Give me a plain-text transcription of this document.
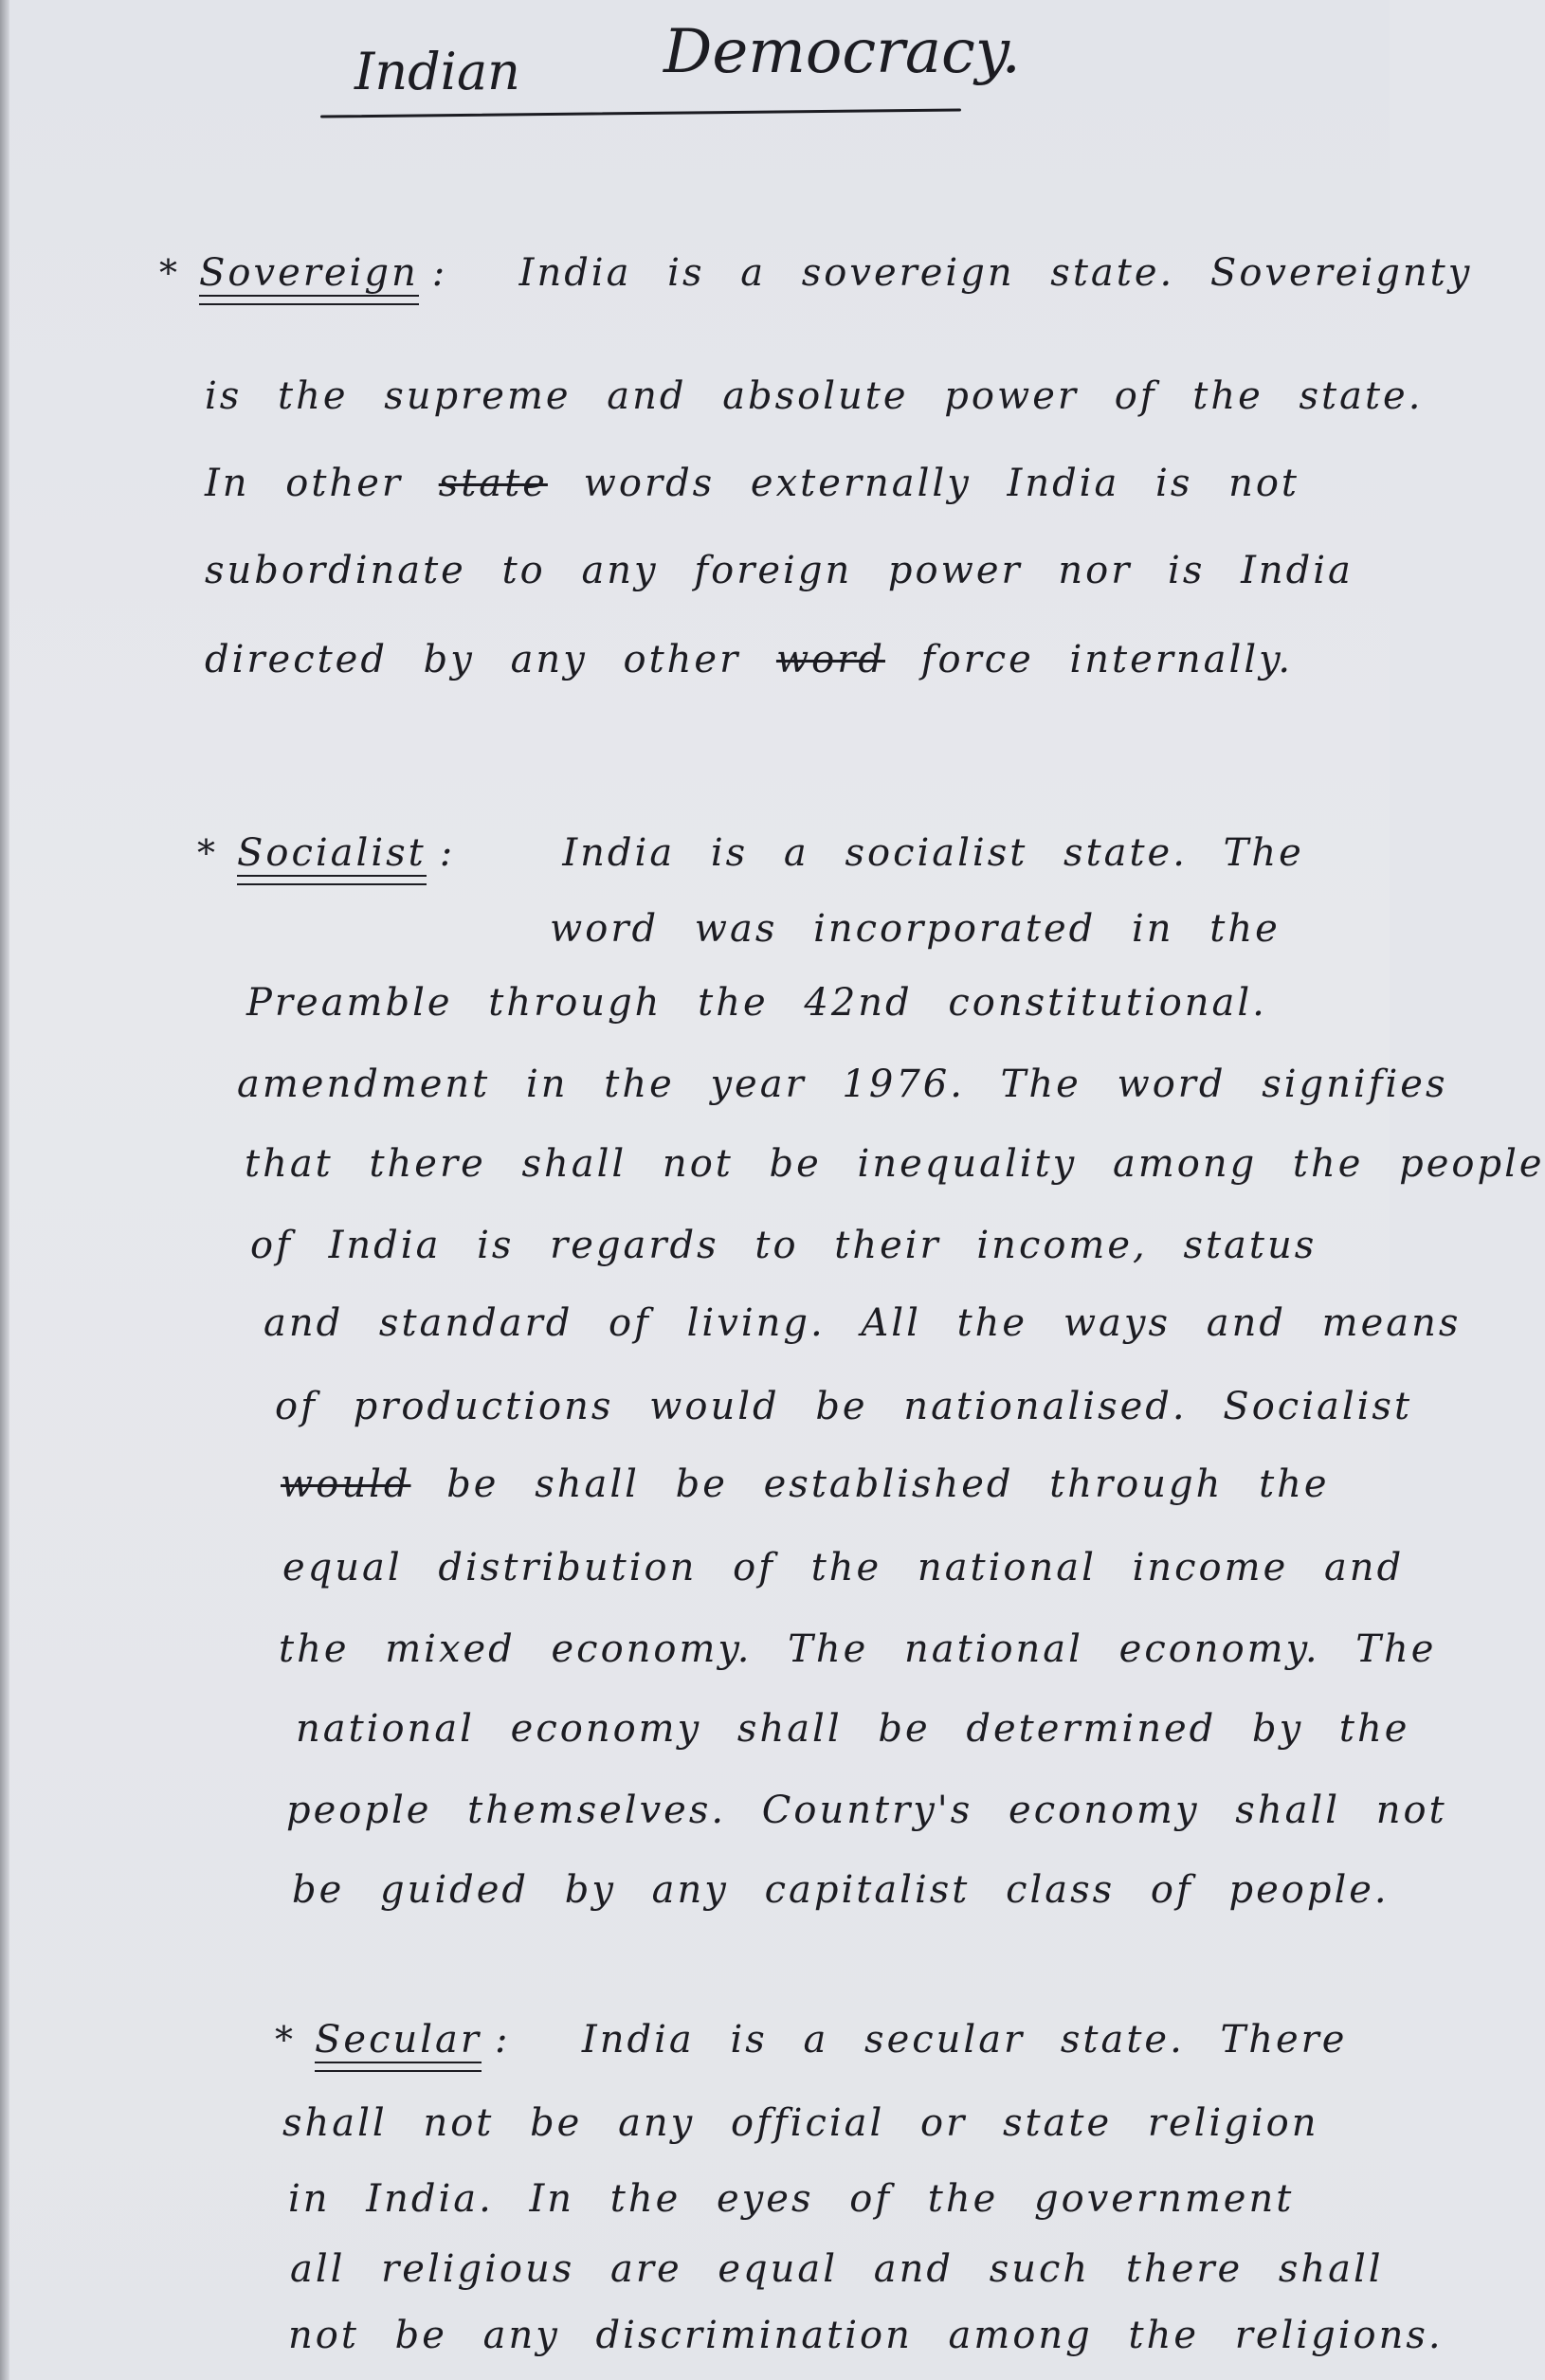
Indian Democracy.
* Sovereign : India is a sovereign state. Sovereignty
is the supreme and absolute power of the state.
In other state words externally India is not
subordinate to any foreign power nor is India
directed by any other word force internally.
* Socialist :	India is a socialist state. The
word was incorporated in the
Preamble through the 42nd constitutional.
amendment in the year 1976. The word signifies
that there shall not be inequality among the people
of India is regards to their income, status
and standard of living. All the ways and means
of productions would be nationalised. Socialist
would be shall be established through the
equal distribution of the national income and
the mixed economy. The national economy. The
national economy shall be determined by the
people themselves. Country's economy shall not
be guided by any capitalist class of people.
* Secular : India is a secular state. There
shall not be any official or state religion
in India. In the eyes of the government
all religious are equal and such there shall
not be any discrimination among the religions.
